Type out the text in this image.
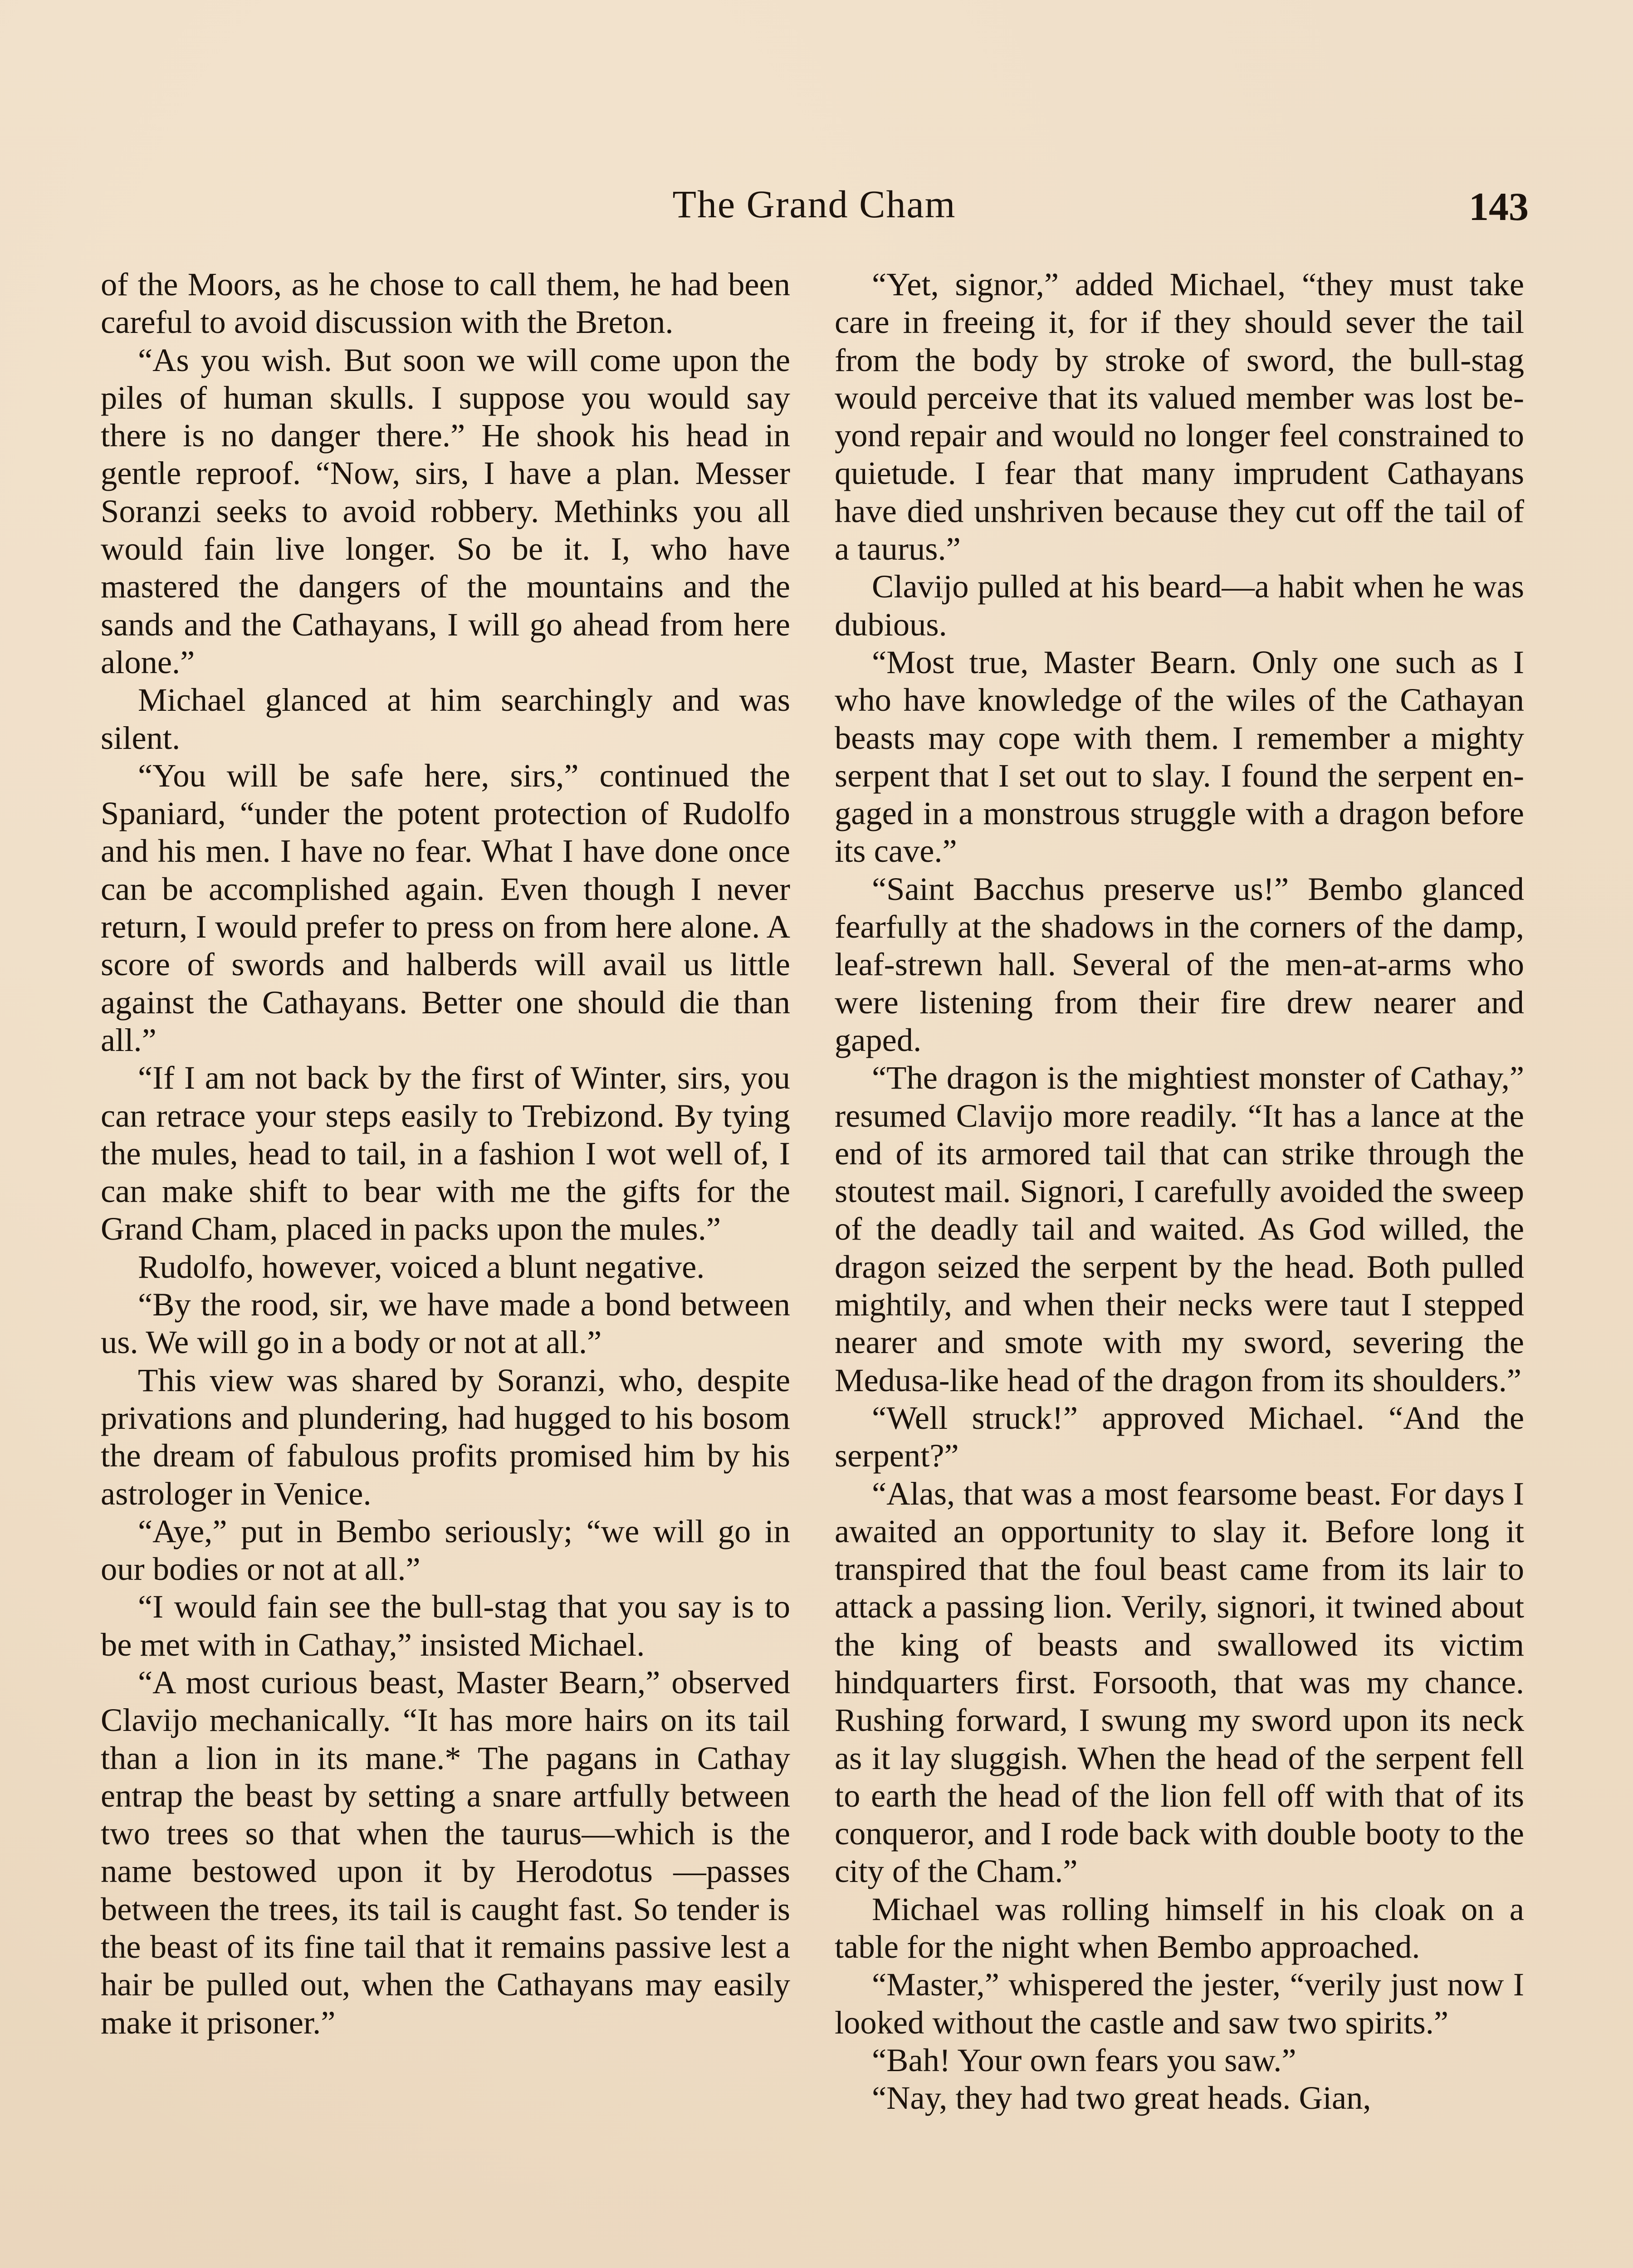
The Grand Cham	143

of the Moors, as he chose to call them, he had been careful to avoid discussion with the Breton.

“As you wish. But soon we will come upon the piles of human skulls. I suppose you would say there is no danger there.” He shook his head in gentle reproof. “Now, sirs, I have a plan. Messer Soranzi seeks to avoid robbery. Methinks you all would fain live longer. So be it. I, who have mastered the dangers of the mountains and the sands and the Cathayans, I will go ahead from here alone.”

Michael glanced at him searchingly and was silent.

“You will be safe here, sirs,” continued the Spaniard, “under the potent protection of Rudolfo and his men. I have no fear. What I have done once can be accomplished again. Even though I never return, I would prefer to press on from here alone. A score of swords and halberds will avail us little against the Cathayans. Better one should die than all.”

“If I am not back by the first of Winter, sirs, you can retrace your steps easily to Trebizond. By tying the mules, head to tail, in a fashion I wot well of, I can make shift to bear with me the gifts for the Grand Cham, placed in packs upon the mules.”

Rudolfo, however, voiced a blunt negative.

“By the rood, sir, we have made a bond between us. We will go in a body or not at all.”

This view was shared by Soranzi, who, despite privations and plundering, had hugged to his bosom the dream of fabulous profits promised him by his astrologer in Venice.

“Aye,” put in Bembo seriously; “we will go in our bodies or not at all.”

“I would fain see the bull-stag that you say is to be met with in Cathay,” insisted Michael.

“A most curious beast, Master Bearn,” observed Clavijo mechanically. “It has more hairs on its tail than a lion in its mane.* The pagans in Cathay entrap the beast by setting a snare artfully between two trees so that when the taurus—which is the name bestowed upon it by Herodotus —passes between the trees, its tail is caught fast. So tender is the beast of its fine tail that it remains passive lest a hair be pulled out, when the Cathayans may easily make it prisoner.”

“Yet, signor,” added Michael, “they must take care in freeing it, for if they should sever the tail from the body by stroke of sword, the bull-stag would perceive that its valued member was lost beyond repair and would no longer feel constrained to quietude. I fear that many imprudent Cathayans have died unshriven because they cut off the tail of a taurus.”

Clavijo pulled at his beard—a habit when he was dubious.

“Most true, Master Bearn. Only one such as I who have knowledge of the wiles of the Cathayan beasts may cope with them. I remember a mighty serpent that I set out to slay. I found the serpent engaged in a monstrous struggle with a dragon before its cave.”

“Saint Bacchus preserve us!” Bembo glanced fearfully at the shadows in the corners of the damp, leaf-strewn hall. Several of the men-at-arms who were listening from their fire drew nearer and gaped.

“The dragon is the mightiest monster of Cathay,” resumed Clavijo more readily. “It has a lance at the end of its armored tail that can strike through the stoutest mail. Signori, I carefully avoided the sweep of the deadly tail and waited. As God willed, the dragon seized the serpent by the head. Both pulled mightily, and when their necks were taut I stepped nearer and smote with my sword, severing the Medusa-like head of the dragon from its shoulders.”

“Well struck!” approved Michael. “And the serpent?”

“Alas, that was a most fearsome beast. For days I awaited an opportunity to slay it. Before long it transpired that the foul beast came from its lair to attack a passing lion. Verily, signori, it twined about the king of beasts and swallowed its victim hindquarters first. Forsooth, that was my chance. Rushing forward, I swung my sword upon its neck as it lay sluggish. When the head of the serpent fell to earth the head of the lion fell off with that of its conqueror, and I rode back with double booty to the city of the Cham.”

Michael was rolling himself in his cloak on a table for the night when Bembo approached.

“Master,” whispered the jester, “verily just now I looked without the castle and saw two spirits.”

“Bah! Your own fears you saw.”

“Nay, they had two great heads. Gian,
